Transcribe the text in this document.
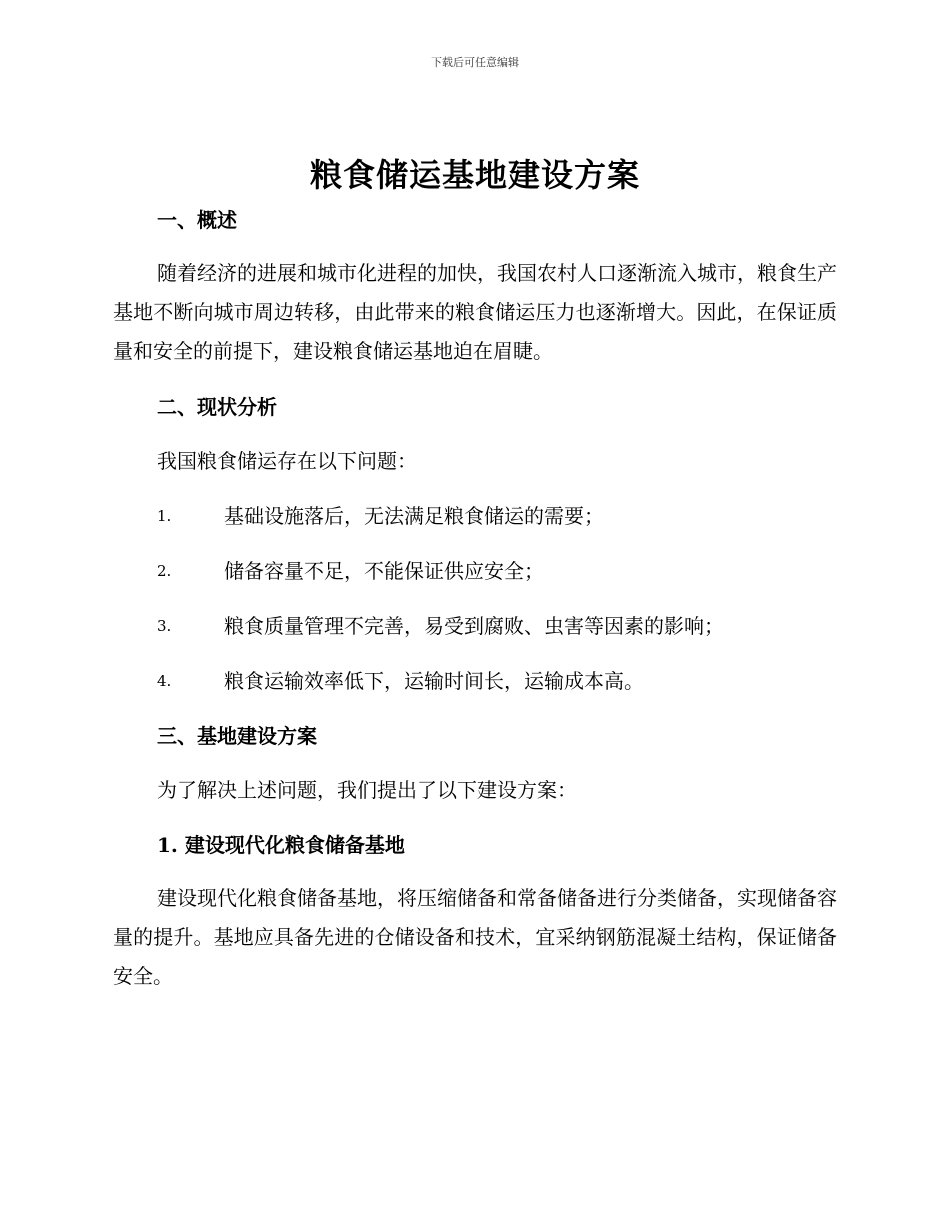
下载后可任意编辑
粮食储运基地建设方案
一、概述

随着经济的进展和城市化进程的加快，我国农村人口逐渐流入城市，粮食生产基地不断向城市周边转移，由此带来的粮食储运压力也逐渐增大。因此，在保证质量和安全的前提下，建设粮食储运基地迫在眉睫。

二、现状分析
我国粮食储运存在以下问题：
1.	基础设施落后，无法满足粮食储运的需要；
2.	储备容量不足，不能保证供应安全；
3.	粮食质量管理不完善，易受到腐败、虫害等因素的影响；
4.	粮食运输效率低下，运输时间长，运输成本高。
三、基地建设方案
为了解决上述问题，我们提出了以下建设方案：
1. 建设现代化粮食储备基地

建设现代化粮食储备基地，将压缩储备和常备储备进行分类储备，实现储备容量的提升。基地应具备先进的仓储设备和技术，宜采纳钢筋混凝土结构，保证储备安全。
